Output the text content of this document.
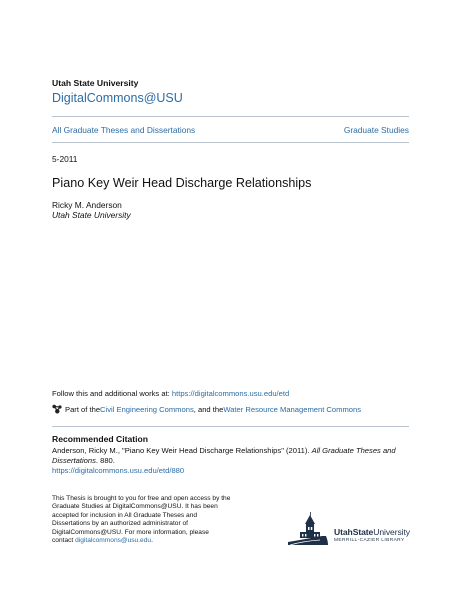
Utah State University
DigitalCommons@USU
All Graduate Theses and Dissertations	Graduate Studies
5-2011
Piano Key Weir Head Discharge Relationships
Ricky M. Anderson
Utah State University
Follow this and additional works at: https://digitalcommons.usu.edu/etd
Part of the Civil Engineering Commons , and the Water Resource Management Commons
Recommended Citation
Anderson, Ricky M., "Piano Key Weir Head Discharge Relationships" (2011). All Graduate Theses and Dissertations. 880.
https://digitalcommons.usu.edu/etd/880
This Thesis is brought to you for free and open access by the Graduate Studies at DigitalCommons@USU. It has been accepted for inclusion in All Graduate Theses and Dissertations by an authorized administrator of DigitalCommons@USU. For more information, please contact digitalcommons@usu.edu.
UtahStateUniversity
MERRILL-CAZIER LIBRARY
